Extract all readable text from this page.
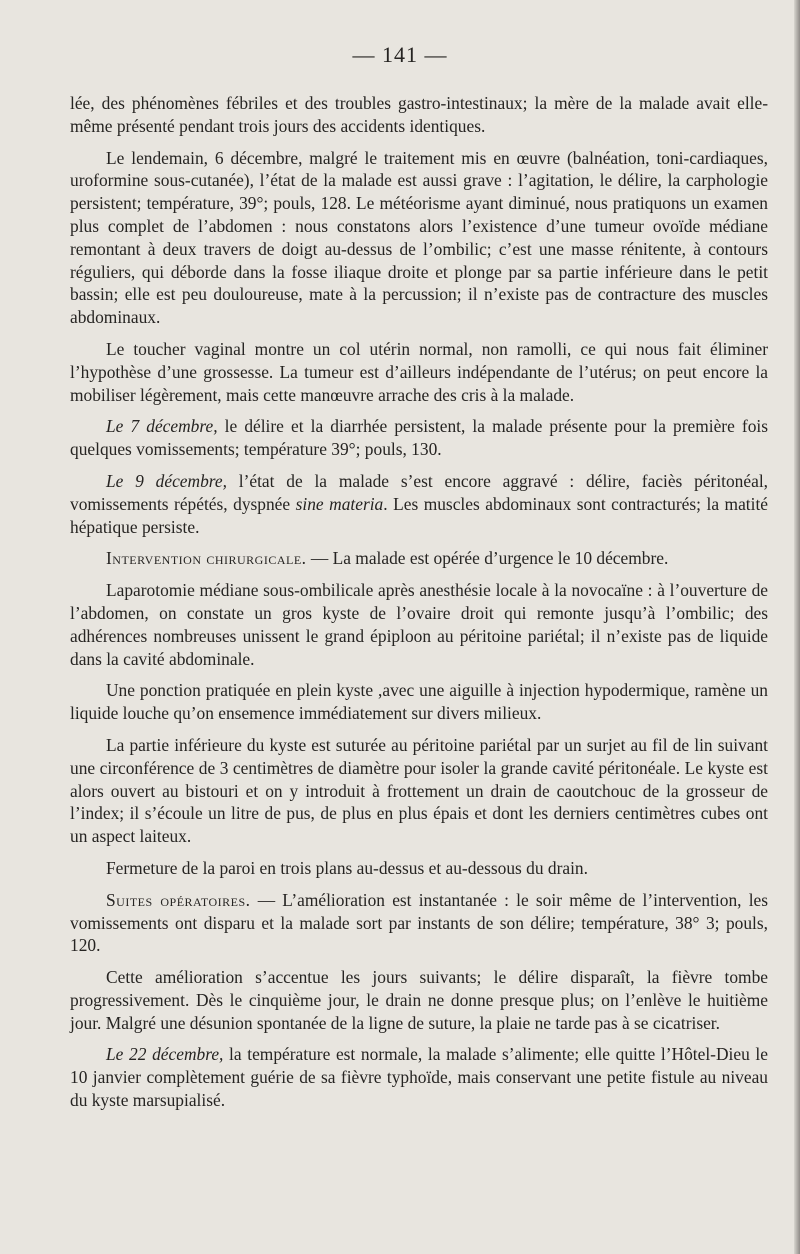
— 141 —

lée, des phénomènes fébriles et des troubles gastro-intestinaux; la mère de la malade avait elle-même présenté pendant trois jours des accidents identiques.

Le lendemain, 6 décembre, malgré le traitement mis en œuvre (balnéation, toni-cardiaques, uroformine sous-cutanée), l’état de la malade est aussi grave : l’agitation, le délire, la carphologie persistent; température, 39°; pouls, 128. Le météorisme ayant diminué, nous pratiquons un examen plus complet de l’abdomen : nous constatons alors l’existence d’une tumeur ovoïde médiane remontant à deux travers de doigt au-dessus de l’ombilic; c’est une masse rénitente, à contours réguliers, qui déborde dans la fosse iliaque droite et plonge par sa partie inférieure dans le petit bassin; elle est peu douloureuse, mate à la percussion; il n’existe pas de contracture des muscles abdominaux.

Le toucher vaginal montre un col utérin normal, non ramolli, ce qui nous fait éliminer l’hypothèse d’une grossesse. La tumeur est d’ailleurs indépendante de l’utérus; on peut encore la mobiliser légèrement, mais cette manœuvre arrache des cris à la malade.

Le 7 décembre, le délire et la diarrhée persistent, la malade présente pour la première fois quelques vomissements; température 39°; pouls, 130.

Le 9 décembre, l’état de la malade s’est encore aggravé : délire, faciès péritonéal, vomissements répétés, dyspnée sine materia. Les muscles abdominaux sont contracturés; la matité hépatique persiste.

Intervention chirurgicale. — La malade est opérée d’urgence le 10 décembre.

Laparotomie médiane sous-ombilicale après anesthésie locale à la novocaïne : à l’ouverture de l’abdomen, on constate un gros kyste de l’ovaire droit qui remonte jusqu’à l’ombilic; des adhérences nombreuses unissent le grand épiploon au péritoine pariétal; il n’existe pas de liquide dans la cavité abdominale.

Une ponction pratiquée en plein kyste ,avec une aiguille à injection hypodermique, ramène un liquide louche qu’on ensemence immédiatement sur divers milieux.

La partie inférieure du kyste est suturée au péritoine pariétal par un surjet au fil de lin suivant une circonférence de 3 centimètres de diamètre pour isoler la grande cavité péritonéale. Le kyste est alors ouvert au bistouri et on y introduit à frottement un drain de caoutchouc de la grosseur de l’index; il s’écoule un litre de pus, de plus en plus épais et dont les derniers centimètres cubes ont un aspect laiteux.

Fermeture de la paroi en trois plans au-dessus et au-dessous du drain.

Suites opératoires. — L’amélioration est instantanée : le soir même de l’intervention, les vomissements ont disparu et la malade sort par instants de son délire; température, 38° 3; pouls, 120.

Cette amélioration s’accentue les jours suivants; le délire disparaît, la fièvre tombe progressivement. Dès le cinquième jour, le drain ne donne presque plus; on l’enlève le huitième jour. Malgré une désunion spontanée de la ligne de suture, la plaie ne tarde pas à se cicatriser.

Le 22 décembre, la température est normale, la malade s’alimente; elle quitte l’Hôtel-Dieu le 10 janvier complètement guérie de sa fièvre typhoïde, mais conservant une petite fistule au niveau du kyste marsupialisé.
